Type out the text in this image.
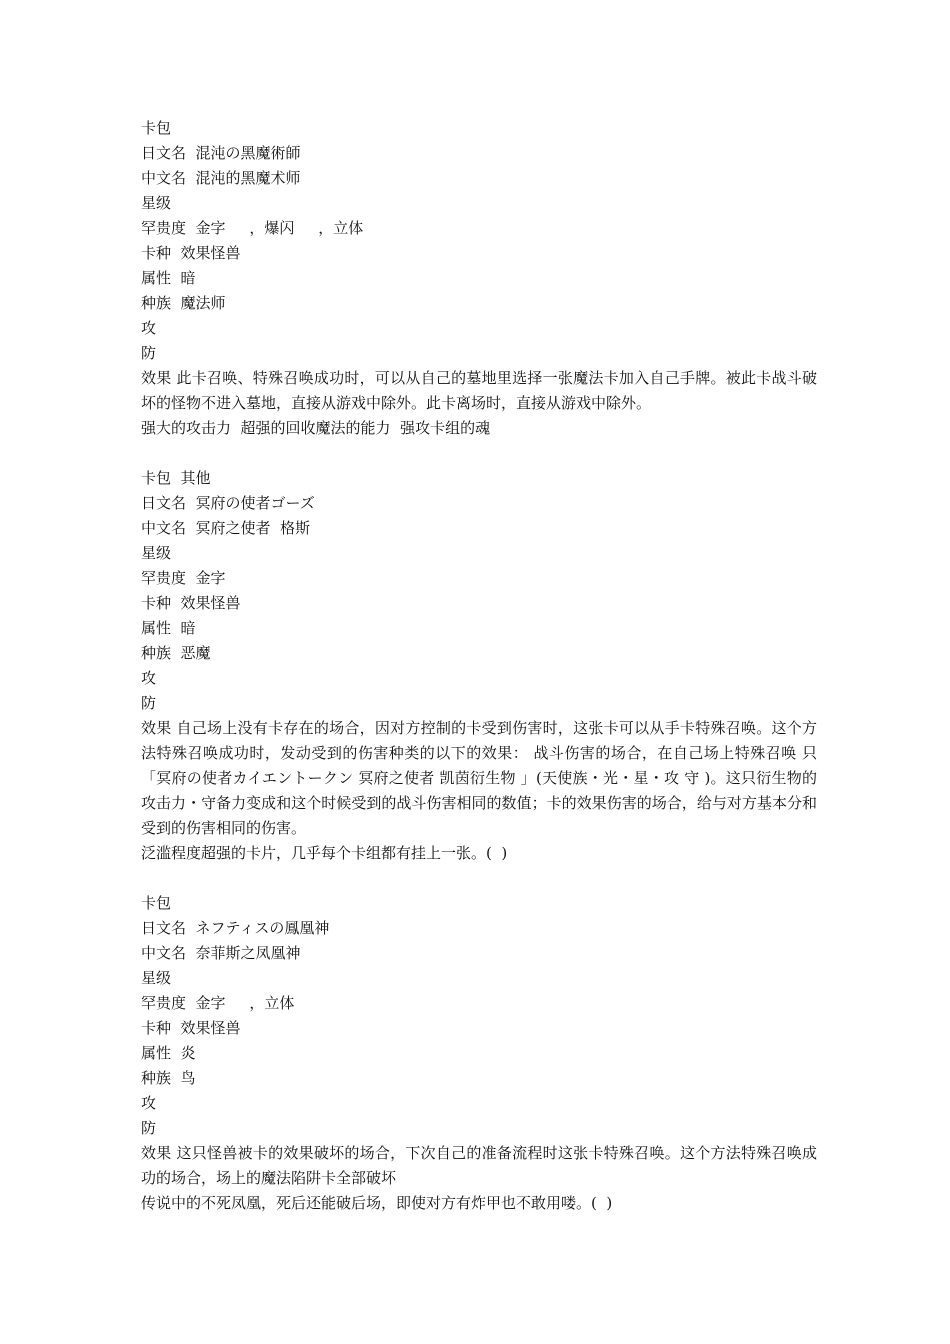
卡包

日文名  混沌の黑魔術師

中文名  混沌的黑魔术师

星级

罕贵度  金字     ，爆闪     ，立体

卡种  效果怪兽

属性  暗

种族  魔法师

攻

防

效果 此卡召唤、特殊召唤成功时，可以从自己的墓地里选择一张魔法卡加入自己手牌。被此卡战斗破坏的怪物不进入墓地，直接从游戏中除外。此卡离场时，直接从游戏中除外。

强大的攻击力  超强的回收魔法的能力  强攻卡组的魂

卡包  其他

日文名  冥府の使者ゴーズ

中文名  冥府之使者  格斯

星级

罕贵度  金字

卡种  效果怪兽

属性  暗

种族  恶魔

攻

防

效果 自己场上没有卡存在的场合，因对方控制的卡受到伤害时，这张卡可以从手卡特殊召唤。这个方法特殊召唤成功时，发动受到的伤害种类的以下的效果： 战斗伤害的场合，在自己场上特殊召唤 只「冥府の使者カイエントークン 冥府之使者 凯茵衍生物 」(天使族・光・星・攻 守 )。这只衍生物的攻击力・守备力变成和这个时候受到的战斗伤害相同的数值；卡的效果伤害的场合，给与对方基本分和受到的伤害相同的伤害。

泛滥程度超强的卡片，几乎每个卡组都有挂上一张。(  )

卡包

日文名  ネフティスの鳳凰神

中文名  奈菲斯之凤凰神

星级

罕贵度  金字     ，立体

卡种  效果怪兽

属性  炎

种族  鸟

攻

防

效果 这只怪兽被卡的效果破坏的场合，下次自己的准备流程时这张卡特殊召唤。这个方法特殊召唤成功的场合，场上的魔法陷阱卡全部破坏

传说中的不死凤凰，死后还能破后场，即使对方有炸甲也不敢用喽。(  )
